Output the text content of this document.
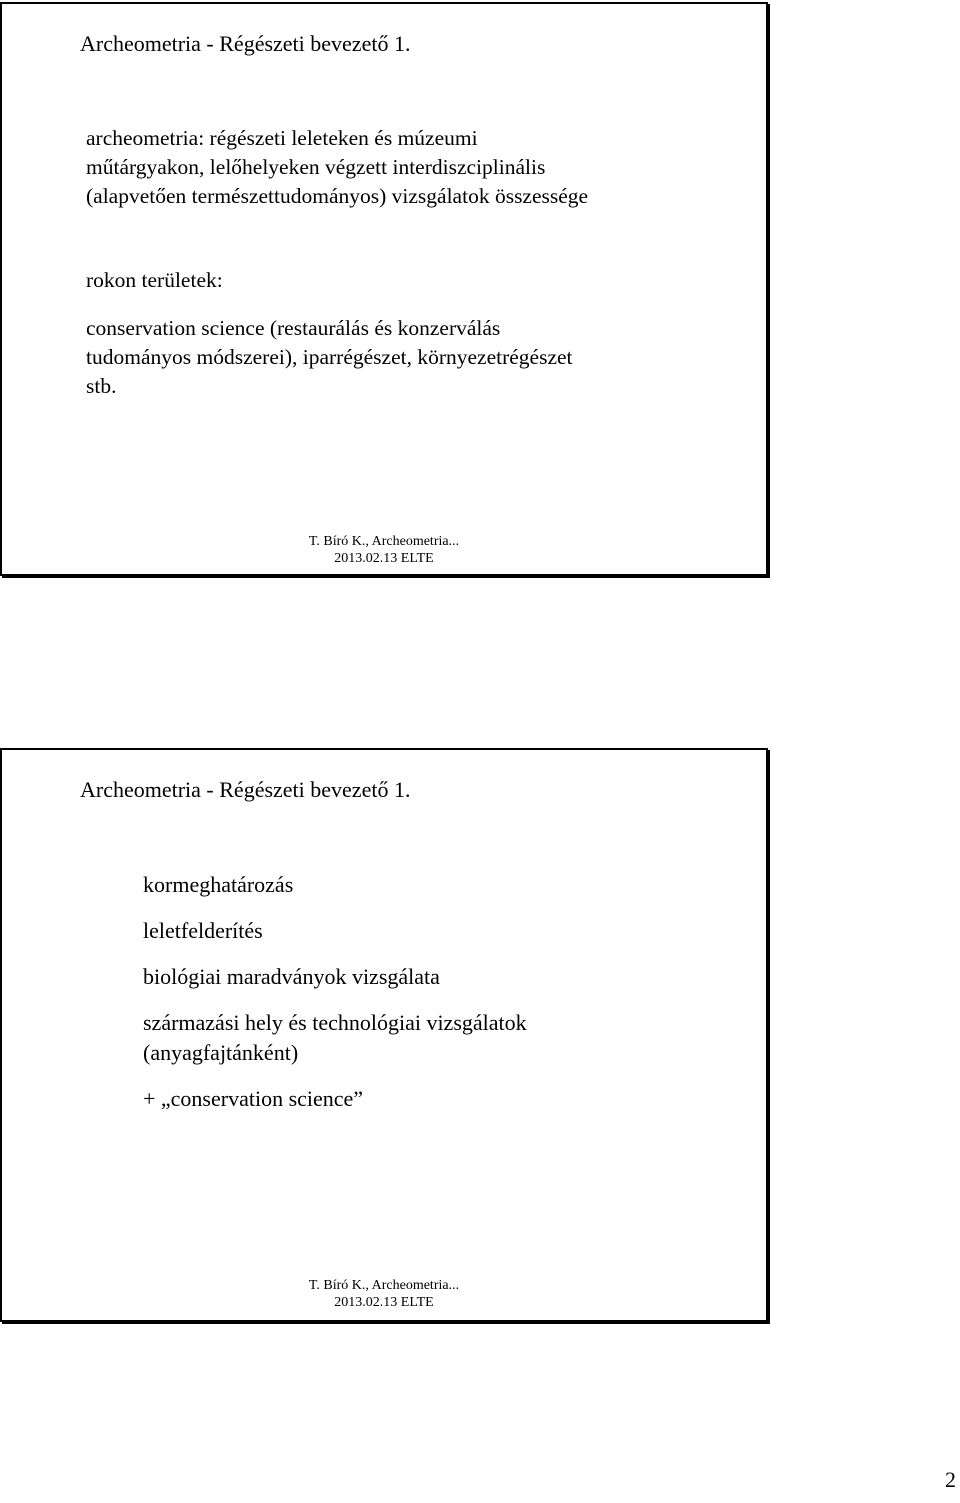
Archeometria - Régészeti bevezető 1.
archeometria: régészeti leleteken és múzeumi
műtárgyakon, lelőhelyeken végzett interdiszciplinális
(alapvetően természettudományos) vizsgálatok összessége
rokon területek:
conservation science (restaurálás és konzerválás
tudományos módszerei), iparrégészet, környezetrégészet
stb.
T. Bíró K., Archeometria...
2013.02.13 ELTE
Archeometria - Régészeti bevezető 1.
kormeghatározás
leletfelderítés
biológiai maradványok vizsgálata
származási hely és technológiai vizsgálatok
(anyagfajtánként)
+ „conservation science”
T. Bíró K., Archeometria...
2013.02.13 ELTE
2
